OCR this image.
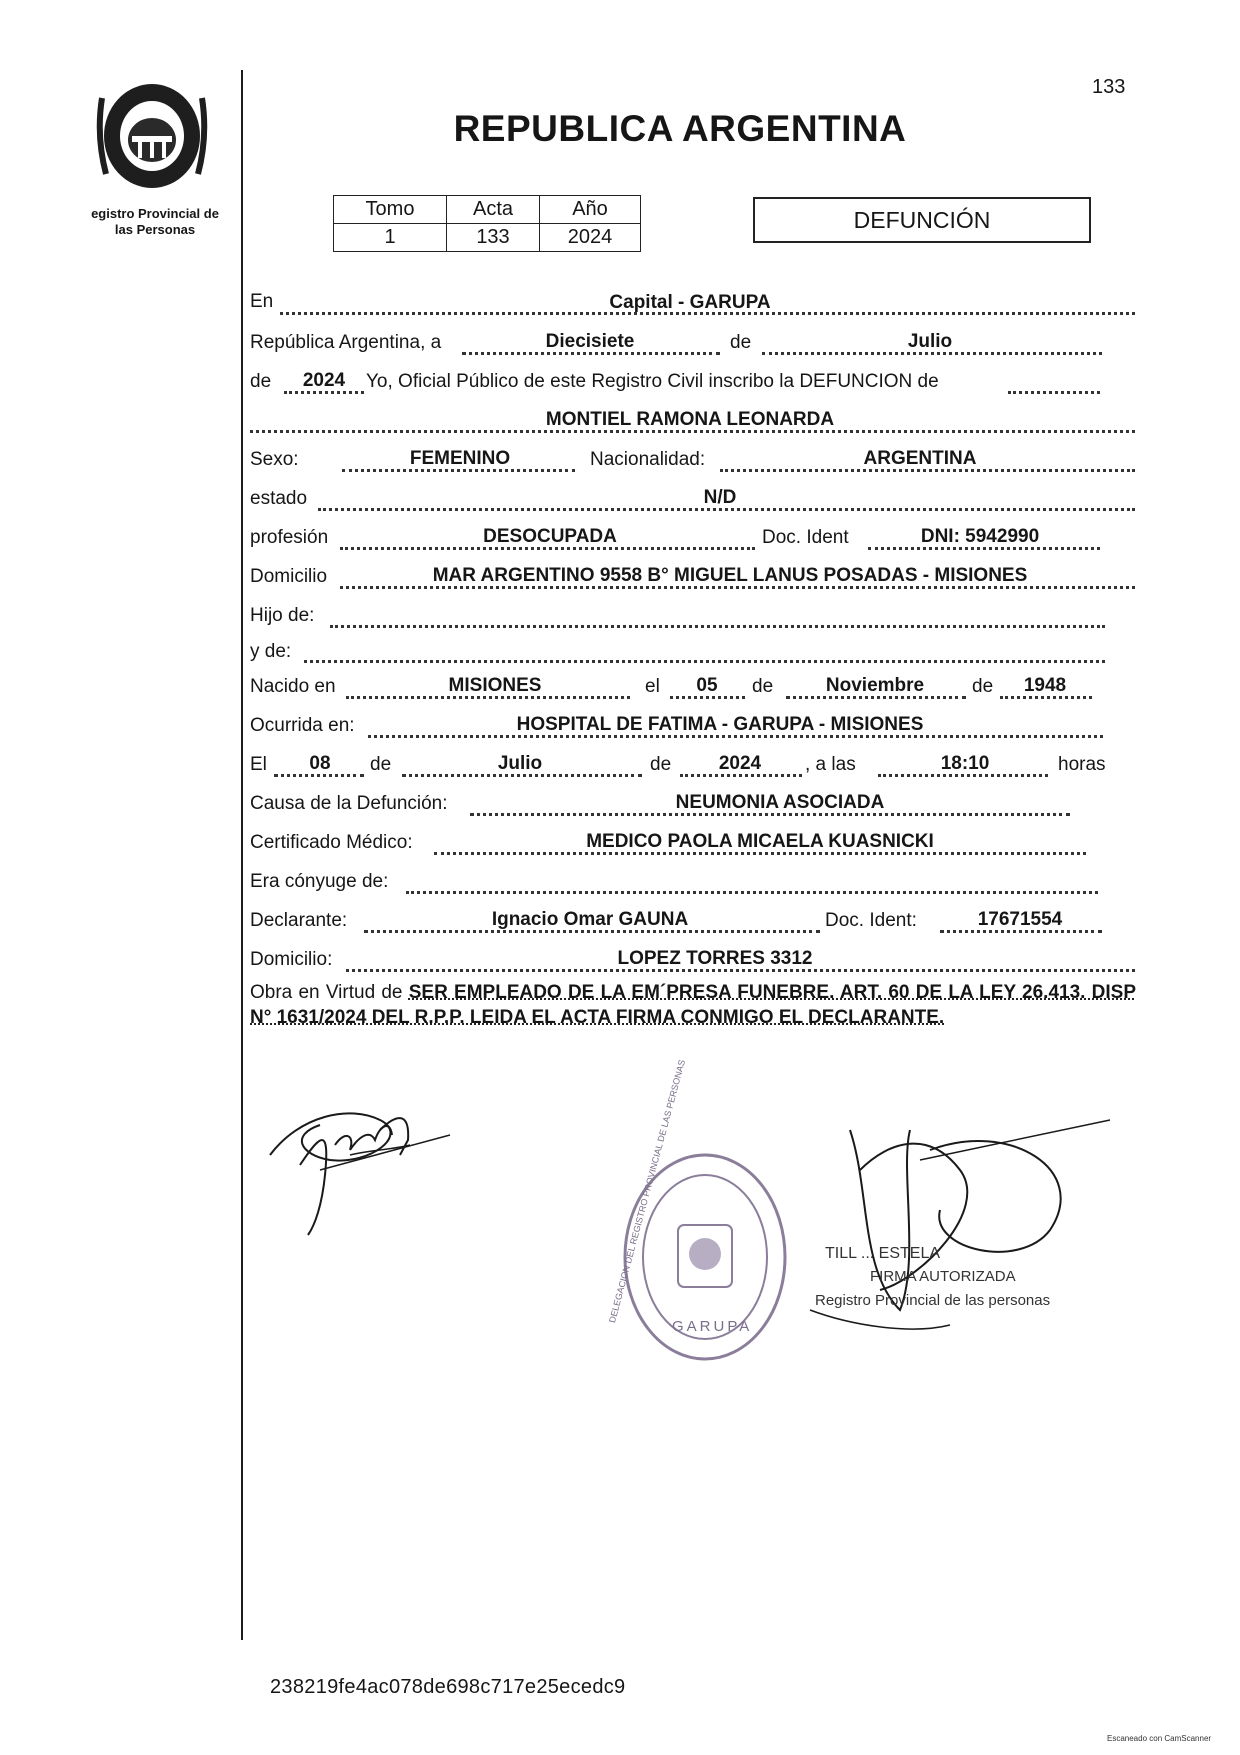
egistro Provincial de
las Personas
133
REPUBLICA ARGENTINA
Tomo	Acta	Año
1	133	2024
DEFUNCIÓN
En	Capital - GARUPA
República Argentina, a	Diecisiete	de	Julio
de	2024	Yo, Oficial Público de este Registro Civil inscribo la DEFUNCION de
MONTIEL RAMONA LEONARDA
Sexo:	FEMENINO	Nacionalidad:	ARGENTINA
estado	N/D
profesión	DESOCUPADA	Doc. Ident	DNI: 5942990
Domicilio	MAR ARGENTINO 9558 B° MIGUEL LANUS POSADAS - MISIONES
Hijo de:
y de:
Nacido en	MISIONES	el	05	de	Noviembre	de	1948
Ocurrida en:	HOSPITAL DE FATIMA - GARUPA - MISIONES
El	08	de	Julio	de	2024	, a las	18:10	horas
Causa de la Defunción:	NEUMONIA ASOCIADA
Certificado Médico:	MEDICO PAOLA MICAELA KUASNICKI
Era cónyuge de:
Declarante:	Ignacio Omar GAUNA	Doc. Ident:	17671554
Domicilio:	LOPEZ TORRES 3312
Obra en Virtud de SER EMPLEADO DE LA EM´PRESA FUNEBRE. ART. 60 DE LA LEY 26.413. DISP N° 1631/2024 DEL R.P.P. LEIDA EL ACTA FIRMA CONMIGO EL DECLARANTE.
GARUPA
DELEGACION DEL REGISTRO PROVINCIAL DE LAS PERSONAS	TILL ... ESTELA
FIRMA AUTORIZADA
Registro Provincial de las personas
238219fe4ac078de698c717e25ecedc9
Escaneado con CamScanner
